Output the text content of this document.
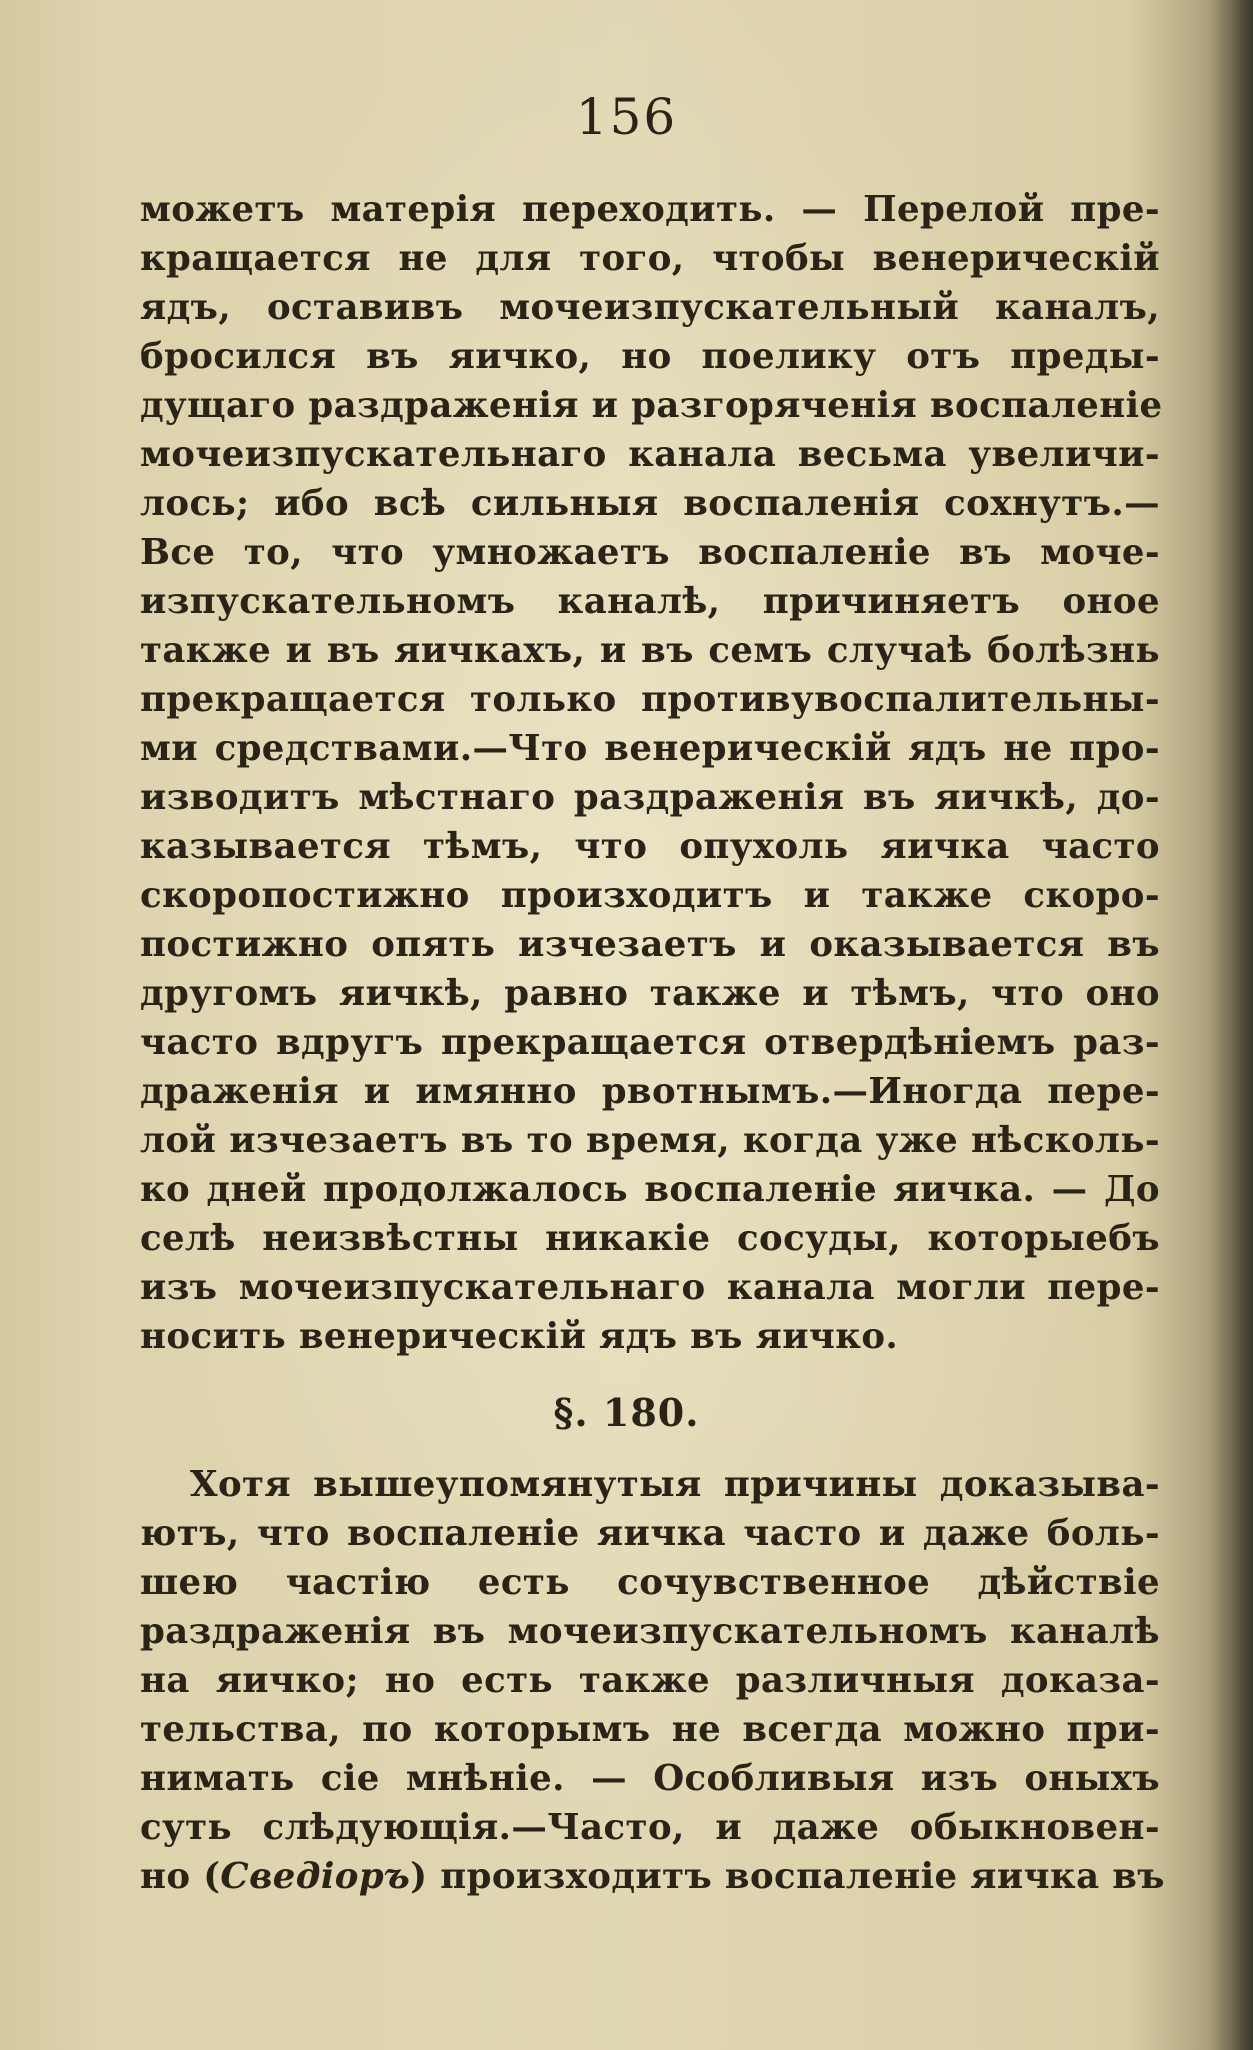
156
можетъ матерія переходить. — Перелой пре-
кращается не для того, чтобы венерическій
ядъ, оставивъ мочеизпускательный каналъ,
бросился въ яичко, но поелику отъ преды-
дущаго раздраженія и разгоряченія воспаленіе
мочеизпускательнаго канала весьма увеличи-
лось; ибо всѣ сильныя воспаленія сохнутъ.—
Все то, что умножаетъ воспаленіе въ моче-
изпускательномъ каналѣ, причиняетъ оное
также и въ яичкахъ, и въ семъ случаѣ болѣзнь
прекращается только противувоспалительны-
ми средствами.—Что венерическій ядъ не про-
изводитъ мѣстнаго раздраженія въ яичкѣ, до-
казывается тѣмъ, что опухоль яичка часто
скоропостижно произходитъ и также скоро-
постижно опять изчезаетъ и оказывается въ
другомъ яичкѣ, равно также и тѣмъ, что оно
часто вдругъ прекращается отвердѣніемъ раз-
драженія и имянно рвотнымъ.—Иногда пере-
лой изчезаетъ въ то время, когда уже нѣсколь-
ко дней продолжалось воспаленіе яичка. — До
селѣ неизвѣстны никакіе сосуды, которыебъ
изъ мочеизпускательнаго канала могли пере-
носить венерическій ядъ въ яичко.
§. 180.
Хотя вышеупомянутыя причины доказыва-
ютъ, что воспаленіе яичка часто и даже боль-
шею частію есть сочувственное дѣйствіе
раздраженія въ мочеизпускательномъ каналѣ
на яичко; но есть также различныя доказа-
тельства, по которымъ не всегда можно при-
нимать сіе мнѣніе. — Особливыя изъ оныхъ
суть слѣдующія.—Часто, и даже обыкновен-
но (Сведіоръ) произходитъ воспаленіе яичка въ
